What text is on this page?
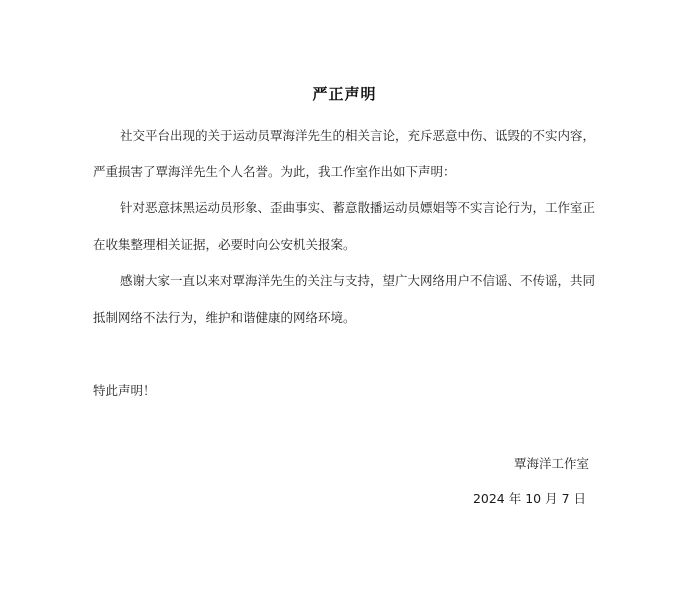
严正声明
社交平台出现的关于运动员覃海洋先生的相关言论，充斥恶意中伤、诋毁的不实内容，
严重损害了覃海洋先生个人名誉。为此，我工作室作出如下声明：
针对恶意抹黑运动员形象、歪曲事实、蓄意散播运动员嫖娼等不实言论行为，工作室正
在收集整理相关证据，必要时向公安机关报案。
感谢大家一直以来对覃海洋先生的关注与支持，望广大网络用户不信谣、不传谣，共同
抵制网络不法行为，维护和谐健康的网络环境。
特此声明！
覃海洋工作室
2024 年 10 月 7 日
